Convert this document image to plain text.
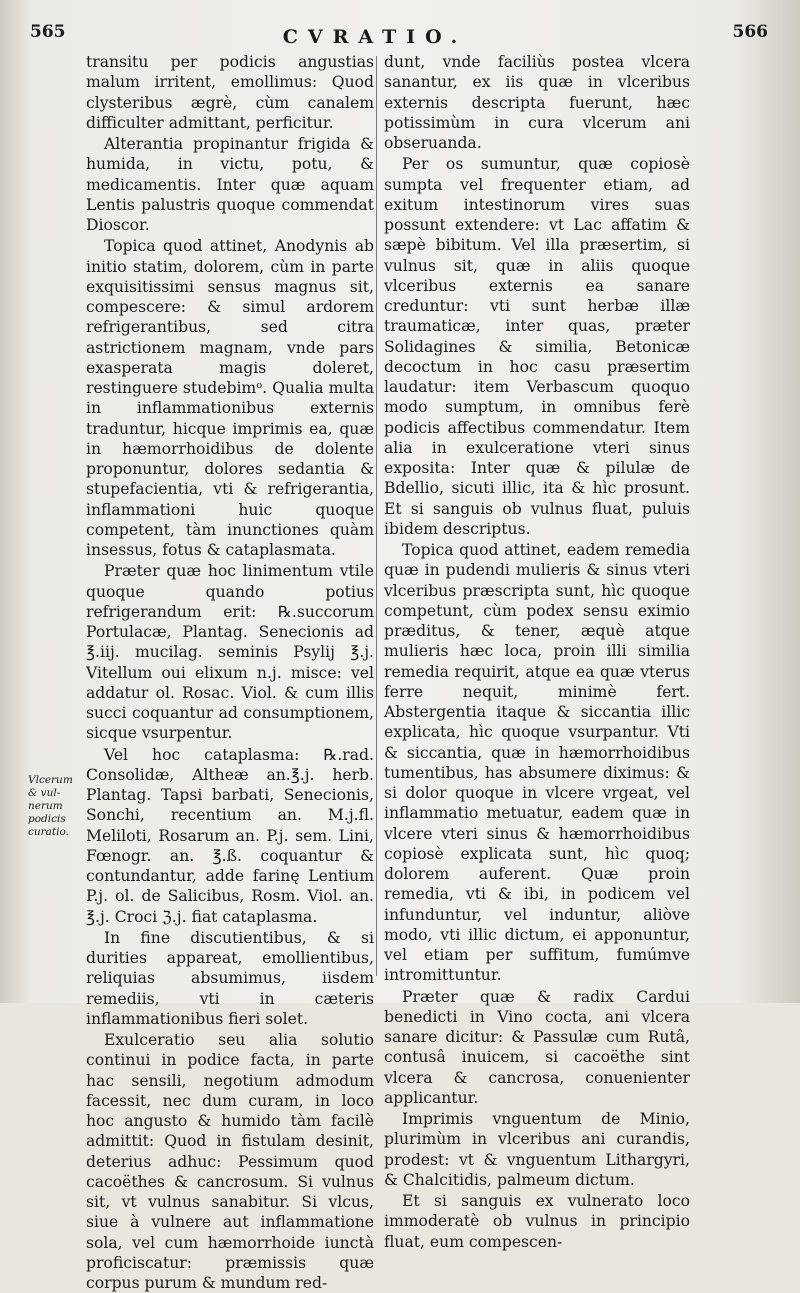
565	CVRATIO.	566
Vlcerum
& vul-
nerum
podicis
curatio.

transitu per podicis angustias malum irritent, emollimus: Quod clysteribus ægrè, cùm canalem difficulter admittant, perficitur.

Alterantia propinantur frigida & humida, in victu, potu, & medicamentis. Inter quæ aquam Lentis palustris quoque commendat Dioscor.

Topica quod attinet, Anodynis ab initio statim, dolorem, cùm in parte exquisitissimi sensus magnus sit, compescere: & simul ardorem refrigerantibus, sed citra astrictionem magnam, vnde pars exasperata magis doleret, restinguere studebimᵒ. Qualia multa in inflammationibus externis traduntur, hicque imprimis ea, quæ in hæmorrhoidibus de dolente proponuntur, dolores sedantia & stupefacientia, vti & refrigerantia, inflammationi huic quoque competent, tàm inunctiones quàm insessus, fotus & cataplasmata.

Præter quæ hoc linimentum vtile quoque quando potius refrigerandum erit: ℞.succorum Portulacæ, Plantag. Senecionis ad ℥.iij. mucilag. seminis Psylij ℥.j. Vitellum oui elixum n.j. misce: vel addatur ol. Rosac. Viol. & cum illis succi coquantur ad consumptionem, sicque vsurpentur.

Vel hoc cataplasma: ℞.rad. Consolidæ, Altheæ an.℥.j. herb. Plantag. Tapsi barbati, Senecionis, Sonchi, recentium an. M.j.fl. Meliloti, Rosarum an. P.j. sem. Lini, Fœnogr. an. ℥.ß. coquantur & contundantur, adde farinę Lentium P.j. ol. de Salicibus, Rosm. Viol. an. ℥.j. Croci ℨ.j. fiat cataplasma.

In fine discutientibus, & si durities appareat, emollientibus, reliquias absumimus, iisdem remediis, vti in cæteris inflammationibus fieri solet.

Exulceratio seu alia solutio continui in podice facta, in parte hac sensili, negotium admodum facessit, nec dum curam, in loco hoc angusto & humido tàm facilè admittit: Quod in fistulam desinit, deterius adhuc: Pessimum quod cacoëthes & cancrosum. Si vulnus sit, vt vulnus sanabitur. Si vlcus, siue à vulnere aut inflammatione sola, vel cum hæmorrhoide iunctà proficiscatur: præmissis quæ corpus purum & mundum red-

dunt, vnde faciliùs postea vlcera sanantur, ex iis quæ in vlceribus externis descripta fuerunt, hæc potissimùm in cura vlcerum ani obseruanda.

Per os sumuntur, quæ copiosè sumpta vel frequenter etiam, ad exitum intestinorum vires suas possunt extendere: vt Lac affatim & sæpè bibitum. Vel illa præsertim, si vulnus sit, quæ in aliis quoque vlceribus externis ea sanare creduntur: vti sunt herbæ illæ traumaticæ, inter quas, præter Solidagines & similia, Betonicæ decoctum in hoc casu præsertim laudatur: item Verbascum quoquo modo sumptum, in omnibus ferè podicis affectibus commendatur. Item alia in exulceratione vteri sinus exposita: Inter quæ & pilulæ de Bdellio, sicuti illic, ita & hìc prosunt. Et si sanguis ob vulnus fluat, puluis ibidem descriptus.

Topica quod attinet, eadem remedia quæ in pudendi mulieris & sinus vteri vlceribus præscripta sunt, hìc quoque competunt, cùm podex sensu eximio præditus, & tener, æquè atque mulieris hæc loca, proin illi similia remedia requirit, atque ea quæ vterus ferre nequit, minimè fert. Abstergentia itaque & siccantia illic explicata, hìc quoque vsurpantur. Vti & siccantia, quæ in hæmorrhoidibus tumentibus, has absumere diximus: & si dolor quoque in vlcere vrgeat, vel inflammatio metuatur, eadem quæ in vlcere vteri sinus & hæmorrhoidibus copiosè explicata sunt, hìc quoq; dolorem auferent. Quæ proin remedia, vti & ibi, in podicem vel infunduntur, vel induntur, aliòve modo, vti illic dictum, ei apponuntur, vel etiam per suffitum, fumúmve intromittuntur.

Præter quæ & radix Cardui benedicti in Vino cocta, ani vlcera sanare dicitur: & Passulæ cum Rutâ, contusâ inuicem, si cacoëthe sint vlcera & cancrosa, conuenienter applicantur.

Imprimis vnguentum de Minio, plurimùm in vlceribus ani curandis, prodest: vt & vnguentum Lithargyri, & Chalcitidis, palmeum dictum.

Et si sanguis ex vulnerato loco immoderatè ob vulnus in principio fluat, eum compescen-
